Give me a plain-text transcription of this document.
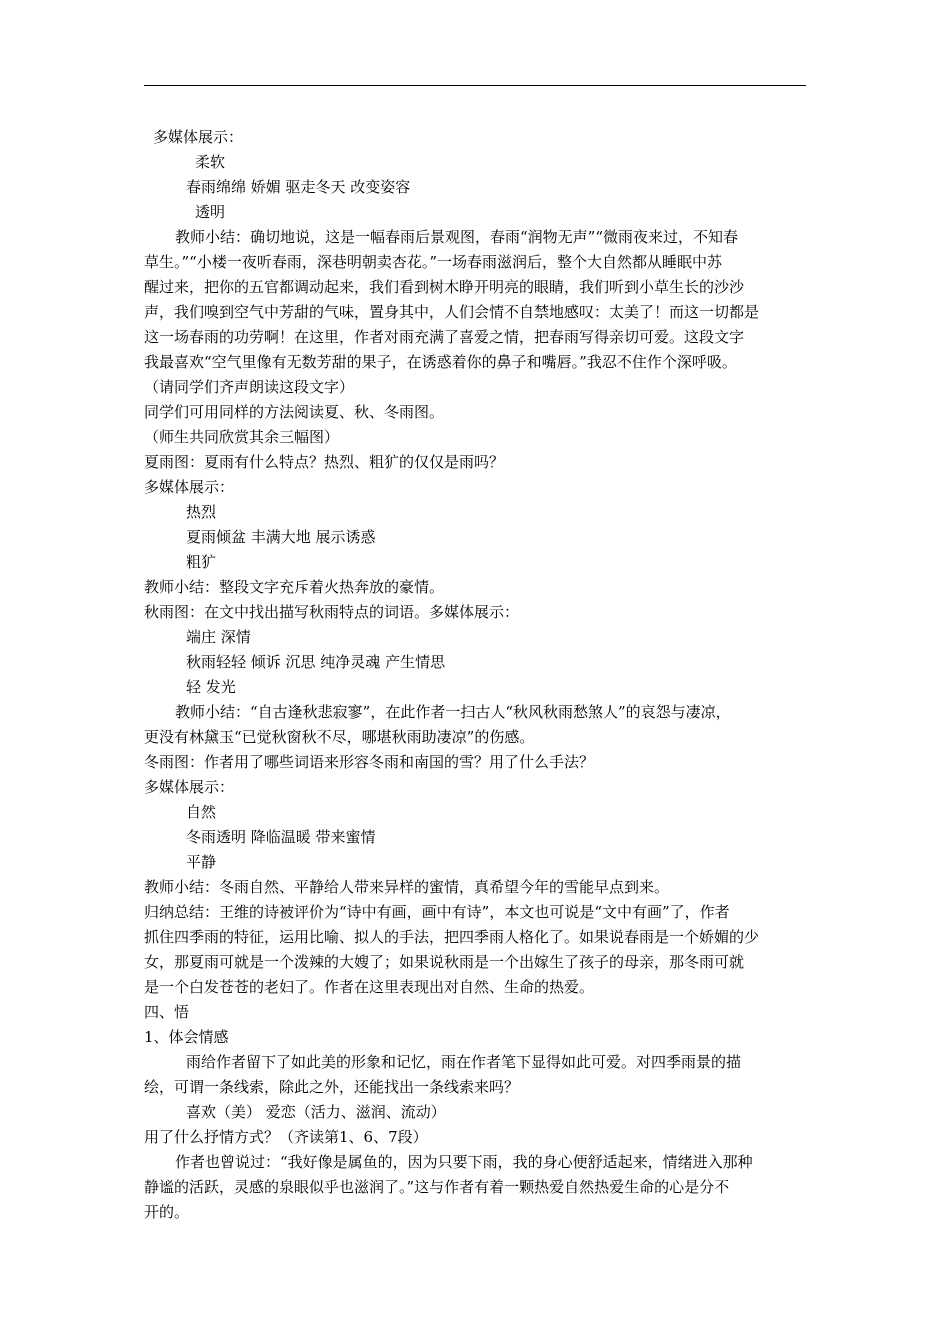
多媒体展示：
柔软
春雨绵绵 娇媚 驱走冬天 改变姿容
透明
教师小结：确切地说，这是一幅春雨后景观图，春雨“润物无声”“微雨夜来过，不知春
草生。”“小楼一夜听春雨，深巷明朝卖杏花。”一场春雨滋润后，整个大自然都从睡眠中苏
醒过来，把你的五官都调动起来，我们看到树木睁开明亮的眼睛，我们听到小草生长的沙沙
声，我们嗅到空气中芳甜的气味，置身其中，人们会情不自禁地感叹：太美了！而这一切都是
这一场春雨的功劳啊！在这里，作者对雨充满了喜爱之情，把春雨写得亲切可爱。这段文字
我最喜欢“空气里像有无数芳甜的果子，在诱惑着你的鼻子和嘴唇。”我忍不住作个深呼吸。
（请同学们齐声朗读这段文字）
同学们可用同样的方法阅读夏、秋、冬雨图。
（师生共同欣赏其余三幅图）
夏雨图：夏雨有什么特点？热烈、粗犷的仅仅是雨吗？
多媒体展示：
热烈
夏雨倾盆 丰满大地 展示诱惑
粗犷
教师小结：整段文字充斥着火热奔放的豪情。
秋雨图：在文中找出描写秋雨特点的词语。多媒体展示：
端庄 深情
秋雨轻轻 倾诉 沉思 纯净灵魂 产生情思
轻 发光
教师小结：“自古逢秋悲寂寥”，在此作者一扫古人“秋风秋雨愁煞人”的哀怨与凄凉，
更没有林黛玉“已觉秋窗秋不尽，哪堪秋雨助凄凉”的伤感。
冬雨图：作者用了哪些词语来形容冬雨和南国的雪？用了什么手法？
多媒体展示：
自然
冬雨透明 降临温暖 带来蜜情
平静
教师小结：冬雨自然、平静给人带来异样的蜜情，真希望今年的雪能早点到来。
归纳总结：王维的诗被评价为“诗中有画，画中有诗”，本文也可说是“文中有画”了，作者
抓住四季雨的特征，运用比喻、拟人的手法，把四季雨人格化了。如果说春雨是一个娇媚的少
女，那夏雨可就是一个泼辣的大嫂了；如果说秋雨是一个出嫁生了孩子的母亲，那冬雨可就
是一个白发苍苍的老妇了。作者在这里表现出对自然、生命的热爱。
四、悟
1、体会情感
雨给作者留下了如此美的形象和记忆，雨在作者笔下显得如此可爱。对四季雨景的描
绘，可谓一条线索，除此之外，还能找出一条线索来吗？
喜欢（美） 爱恋（活力、滋润、流动）
用了什么抒情方式？（齐读第1、6、7段）
作者也曾说过：“我好像是属鱼的，因为只要下雨，我的身心便舒适起来，情绪进入那种
静谧的活跃，灵感的泉眼似乎也滋润了。”这与作者有着一颗热爱自然热爱生命的心是分不
开的。
